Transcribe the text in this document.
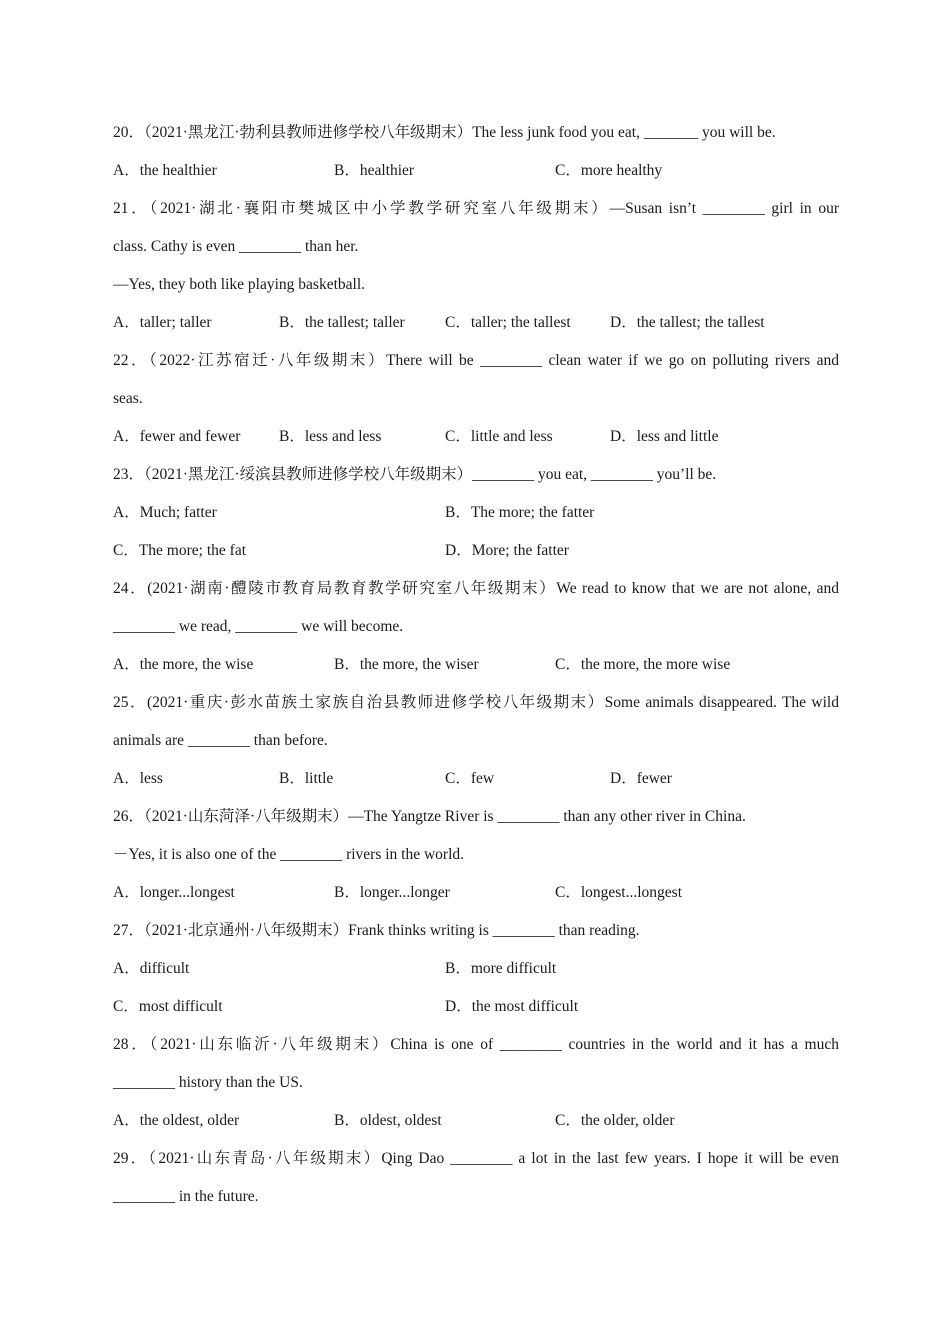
20．（2021·黑龙江·勃利县教师进修学校八年级期末）The less junk food you eat, _______ you will be.
A．the healthier	B．healthier	C．more healthy
21．（2021·湖北·襄阳市樊城区中小学教学研究室八年级期末）—Susan isn’t ________ girl in our
class. Cathy is even ________ than her.
—Yes, they both like playing basketball.
A．taller; taller	B．the tallest; taller	C．taller; the tallest	D．the tallest; the tallest
22．（2022·江苏宿迁·八年级期末）There will be ________ clean water if we go on polluting rivers and
seas.
A．fewer and fewer B．less and less	C．little and less	D．less and little
23．（2021·黑龙江·绥滨县教师进修学校八年级期末）________ you eat, ________ you’ll be.
A．Much; fatter	B．The more; the fatter
C．The more; the fat	D．More; the fatter
24．(2021·湖南·醴陵市教育局教育教学研究室八年级期末）We read to know that we are not alone, and
________ we read, ________ we will become.
A．the more, the wise	B．the more, the wiser	C．the more, the more wise
25．(2021·重庆·彭水苗族土家族自治县教师进修学校八年级期末）Some animals disappeared. The wild
animals are ________ than before.
A．less	B．little	C．few	D．fewer
26．（2021·山东菏泽·八年级期末）—The Yangtze River is ________ than any other river in China.
－Yes, it is also one of the ________ rivers in the world.
A．longer...longest	B．longer...longer	C．longest...longest
27．（2021·北京通州·八年级期末）Frank thinks writing is ________ than reading.
A．difficult	B．more difficult
C．most difficult	D．the most difficult
28．（2021·山东临沂·八年级期末）China is one of ________ countries in the world and it has a much
________ history than the US.
A．the oldest, older	B．oldest, oldest	C．the older, older
29．（2021·山东青岛·八年级期末）Qing Dao ________ a lot in the last few years. I hope it will be even
________ in the future.
